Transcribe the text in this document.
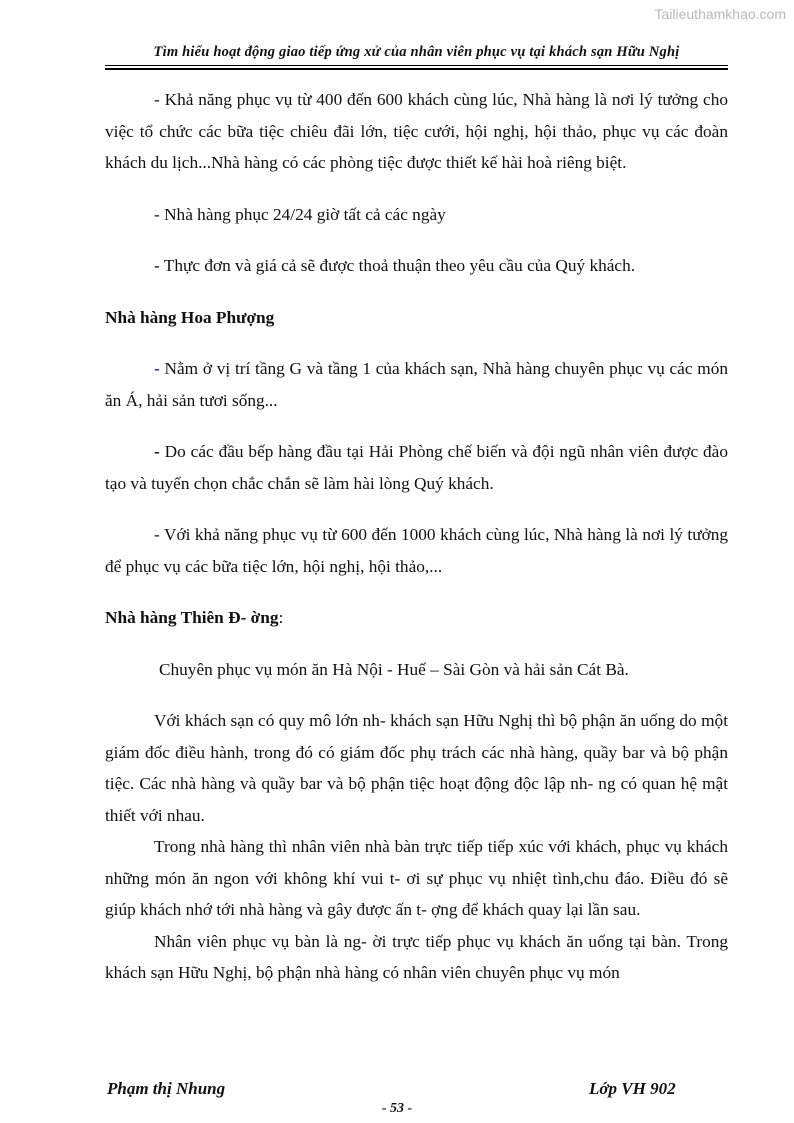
Tailieuthamkhao.com
Tìm hiểu hoạt động giao tiếp ứng xử của nhân viên phục vụ tại khách sạn Hữu Nghị

- Khả năng phục vụ từ 400 đến 600 khách cùng lúc, Nhà hàng là nơi lý tưởng cho việc tổ chức các bữa tiệc chiêu đãi lớn, tiệc cưới, hội nghị, hội thảo, phục vụ các đoàn khách du lịch...Nhà hàng có các phòng tiệc được thiết kế hài hoà riêng biệt.

- Nhà hàng phục 24/24 giờ tất cả các ngày

- Thực đơn và giá cả sẽ được thoả thuận theo yêu cầu của Quý khách.

Nhà hàng Hoa Phượng

- Nằm ở vị trí tầng G và tầng 1 của khách sạn, Nhà hàng chuyên phục vụ các món ăn Á, hải sản tươi sống...

- Do các đầu bếp hàng đầu tại Hải Phòng chế biến và đội ngũ nhân viên được đào tạo và tuyển chọn chắc chắn sẽ làm hài lòng Quý khách.

- Với khả năng phục vụ từ 600 đến 1000 khách cùng lúc, Nhà hàng là nơi lý tưởng để phục vụ các bữa tiệc lớn, hội nghị, hội thảo,...

Nhà hàng Thiên Đ- ờng:

Chuyên phục vụ món ăn Hà Nội - Huế – Sài Gòn và hải sản Cát Bà.

Với khách sạn có quy mô lớn nh- khách sạn Hữu Nghị thì bộ phận ăn uống do một giám đốc điều hành, trong đó có giám đốc phụ trách các nhà hàng, quầy bar và bộ phận tiệc. Các nhà hàng và quầy bar và bộ phận tiệc hoạt động độc lập nh- ng có quan hệ mật thiết với nhau.

Trong nhà hàng thì nhân viên nhà bàn trực tiếp tiếp xúc với khách, phục vụ khách những món ăn ngon với không khí vui t- ơi sự phục vụ nhiệt tình,chu đáo. Điều đó sẽ giúp khách nhớ tới nhà hàng và gây được ấn t- ợng để khách quay lại lần sau.

Nhân viên phục vụ bàn là ng- ời trực tiếp phục vụ khách ăn uống tại bàn. Trong khách sạn Hữu Nghị, bộ phận nhà hàng có nhân viên chuyên phục vụ món

Phạm thị Nhung	Lớp VH 902
- 53 -
